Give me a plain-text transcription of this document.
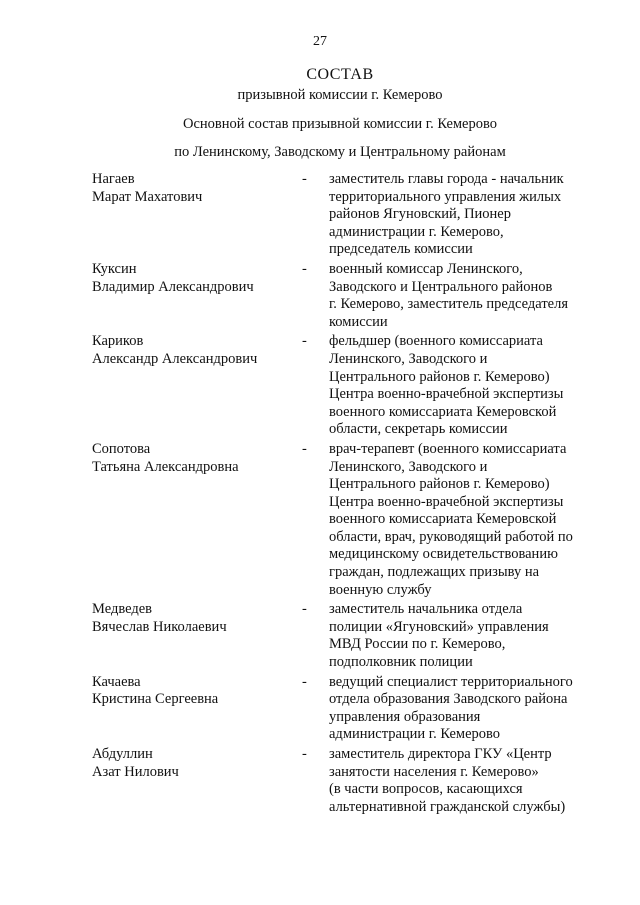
27
СОСТАВ
призывной комиссии г. Кемерово
Основной состав призывной комиссии г. Кемерово
по Ленинскому, Заводскому и Центральному районам
Нагаев
Марат Махатович
-	заместитель главы города - начальник
территориального управления жилых
районов Ягуновский, Пионер
администрации г. Кемерово,
председатель комиссии
Куксин
Владимир Александрович
-	военный комиссар Ленинского,
Заводского и Центрального районов
г. Кемерово, заместитель председателя
комиссии
Кариков
Александр Александрович
-	фельдшер (военного комиссариата
Ленинского, Заводского и
Центрального районов г. Кемерово)
Центра военно-врачебной экспертизы
военного комиссариата Кемеровской
области, секретарь комиссии
Сопотова
Татьяна Александровна
-	врач-терапевт (военного комиссариата
Ленинского, Заводского и
Центрального районов г. Кемерово)
Центра военно-врачебной экспертизы
военного комиссариата Кемеровской
области, врач, руководящий работой по
медицинскому освидетельствованию
граждан, подлежащих призыву на
военную службу
Медведев
Вячеслав Николаевич
-	заместитель начальника отдела
полиции «Ягуновский» управления
МВД России по г. Кемерово,
подполковник полиции
Качаева
Кристина Сергеевна
-	ведущий специалист территориального
отдела образования Заводского района
управления образования
администрации г. Кемерово
Абдуллин
Азат Нилович
-	заместитель директора ГКУ «Центр
занятости населения г. Кемерово»
(в части вопросов, касающихся
альтернативной гражданской службы)
